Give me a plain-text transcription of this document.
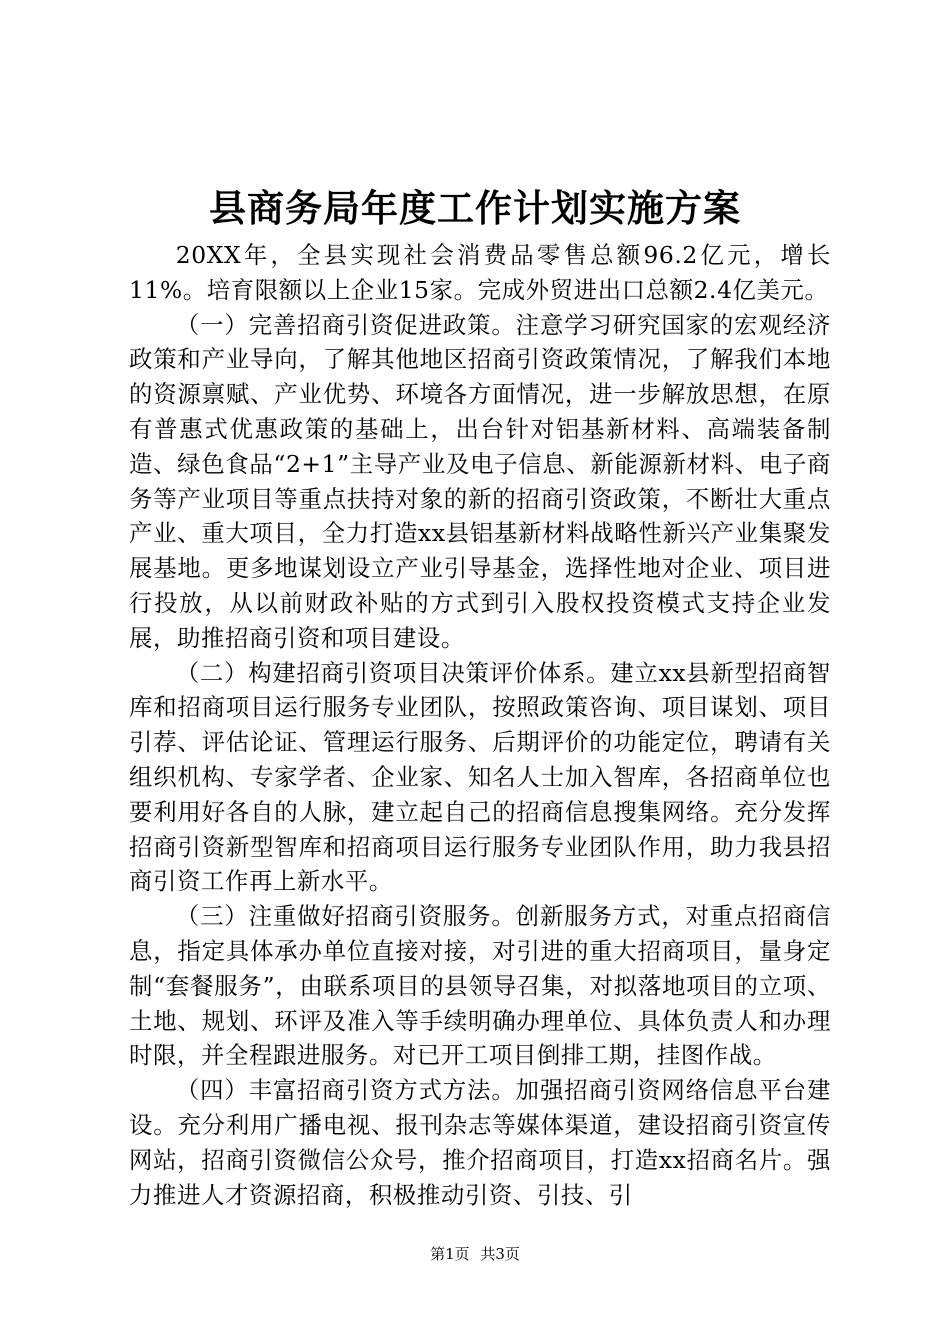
县商务局年度工作计划实施方案

20XX年，全县实现社会消费品零售总额96.2亿元，增长11%。培育限额以上企业15家。完成外贸进出口总额2.4亿美元。

（一）完善招商引资促进政策。注意学习研究国家的宏观经济政策和产业导向，了解其他地区招商引资政策情况，了解我们本地的资源禀赋、产业优势、环境各方面情况，进一步解放思想，在原有普惠式优惠政策的基础上，出台针对铝基新材料、高端装备制造、绿色食品“2+1”主导产业及电子信息、新能源新材料、电子商务等产业项目等重点扶持对象的新的招商引资政策，不断壮大重点产业、重大项目，全力打造xx县铝基新材料战略性新兴产业集聚发展基地。更多地谋划设立产业引导基金，选择性地对企业、项目进行投放，从以前财政补贴的方式到引入股权投资模式支持企业发展，助推招商引资和项目建设。

（二）构建招商引资项目决策评价体系。建立xx县新型招商智库和招商项目运行服务专业团队，按照政策咨询、项目谋划、项目引荐、评估论证、管理运行服务、后期评价的功能定位，聘请有关组织机构、专家学者、企业家、知名人士加入智库，各招商单位也要利用好各自的人脉，建立起自己的招商信息搜集网络。充分发挥招商引资新型智库和招商项目运行服务专业团队作用，助力我县招商引资工作再上新水平。

（三）注重做好招商引资服务。创新服务方式，对重点招商信息，指定具体承办单位直接对接，对引进的重大招商项目，量身定制“套餐服务”，由联系项目的县领导召集，对拟落地项目的立项、土地、规划、环评及准入等手续明确办理单位、具体负责人和办理时限，并全程跟进服务。对已开工项目倒排工期，挂图作战。

（四）丰富招商引资方式方法。加强招商引资网络信息平台建设。充分利用广播电视、报刊杂志等媒体渠道，建设招商引资宣传网站，招商引资微信公众号，推介招商项目，打造xx招商名片。强力推进人才资源招商，积极推动引资、引技、引

第1页 共3页
